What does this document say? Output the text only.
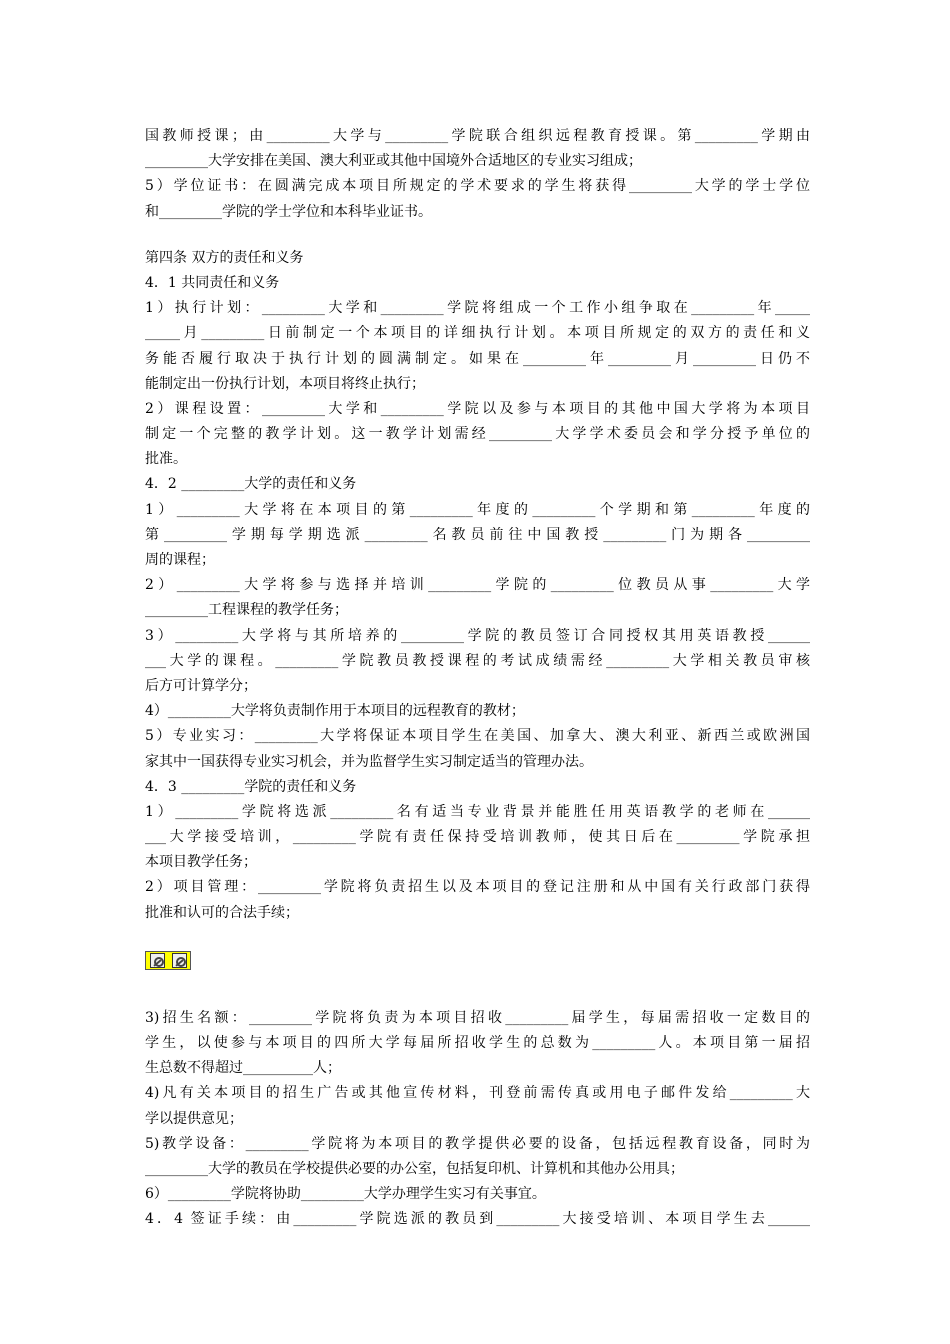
国教师授课；由_________大学与_________学院联合组织远程教育授课。第_________学期由
_________大学安排在美国、澳大利亚或其他中国境外合适地区的专业实习组成；
5）学位证书：在圆满完成本项目所规定的学术要求的学生将获得_________大学的学士学位
和_________学院的学士学位和本科毕业证书。
第四条 双方的责任和义务
4．1 共同责任和义务
1）执行计划：_________大学和_________学院将组成一个工作小组争取在_________年_____
_____月_________日前制定一个本项目的详细执行计划。本项目所规定的双方的责任和义
务能否履行取决于执行计划的圆满制定。如果在_________年_________月_________日仍不
能制定出一份执行计划，本项目将终止执行；
2）课程设置：_________大学和_________学院以及参与本项目的其他中国大学将为本项目
制定一个完整的教学计划。这一教学计划需经_________大学学术委员会和学分授予单位的
批准。
4．2 _________大学的责任和义务
1）_________大学将在本项目的第_________年度的_________个学期和第_________年度的
第_________学期每学期选派_________名教员前往中国教授_________门为期各_________
周的课程；
2）_________大学将参与选择并培训_________学院的_________位教员从事_________大学
_________工程课程的教学任务；
3）_________大学将与其所培养的_________学院的教员签订合同授权其用英语教授______
___大学的课程。_________学院教员教授课程的考试成绩需经_________大学相关教员审核
后方可计算学分；
4）_________大学将负责制作用于本项目的远程教育的教材；
5）专业实习：_________大学将保证本项目学生在美国、加拿大、澳大利亚、新西兰或欧洲国
家其中一国获得专业实习机会，并为监督学生实习制定适当的管理办法。
4．3 _________学院的责任和义务
1）_________学院将选派_________名有适当专业背景并能胜任用英语教学的老师在______
___大学接受培训，_________学院有责任保持受培训教师，使其日后在_________学院承担
本项目教学任务；
2）项目管理：_________学院将负责招生以及本项目的登记注册和从中国有关行政部门获得
批准和认可的合法手续；
3)招生名额：_________学院将负责为本项目招收_________届学生，每届需招收一定数目的
学生，以使参与本项目的四所大学每届所招收学生的总数为_________人。本项目第一届招
生总数不得超过__________人；
4)凡有关本项目的招生广告或其他宣传材料，刊登前需传真或用电子邮件发给_________大
学以提供意见；
5)教学设备：_________学院将为本项目的教学提供必要的设备，包括远程教育设备，同时为
_________大学的教员在学校提供必要的办公室，包括复印机、计算机和其他办公用具；
6）_________学院将协助_________大学办理学生实习有关事宜。
4．4 签证手续：由_________学院选派的教员到_________大接受培训、本项目学生去______
